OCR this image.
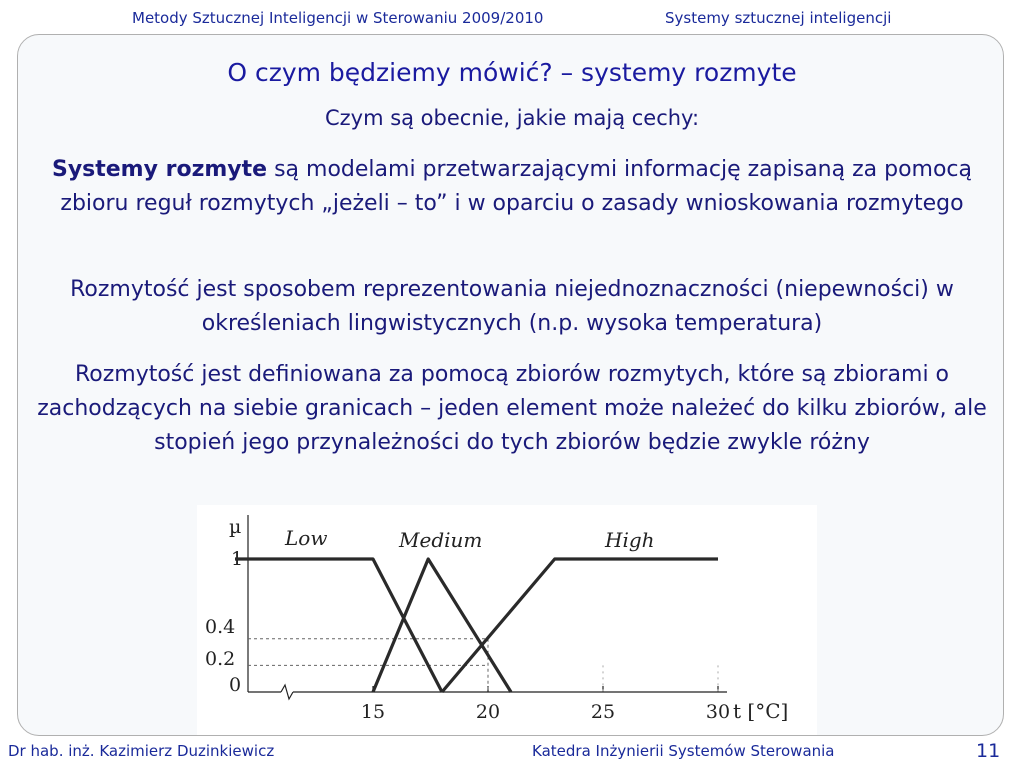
Metody Sztucznej Inteligencji w Sterowaniu 2009/2010	Systemy sztucznej inteligencji
O czym będziemy mówić? – systemy rozmyte
Czym są obecnie, jakie mają cechy:
Systemy rozmyte są modelami przetwarzającymi informację zapisaną za pomocą zbioru reguł rozmytych „jeżeli – to” i w oparciu o zasady wnioskowania rozmytego
Rozmytość jest sposobem reprezentowania niejednoznaczności (niepewności) w określeniach lingwistycznych (n.p. wysoka temperatura)
Rozmytość jest definiowana za pomocą zbiorów rozmytych, które są zbiorami o zachodzących na siebie granicach – jeden element może należeć do kilku zbiorów, ale stopień jego przynależności do tych zbiorów będzie zwykle różny
µ
t [°C]
1
0.4
0.2
0
15	20	25	30
Low	Medium	High
Dr hab. inż. Kazimierz Duzinkiewicz	Katedra Inżynierii Systemów Sterowania	11
